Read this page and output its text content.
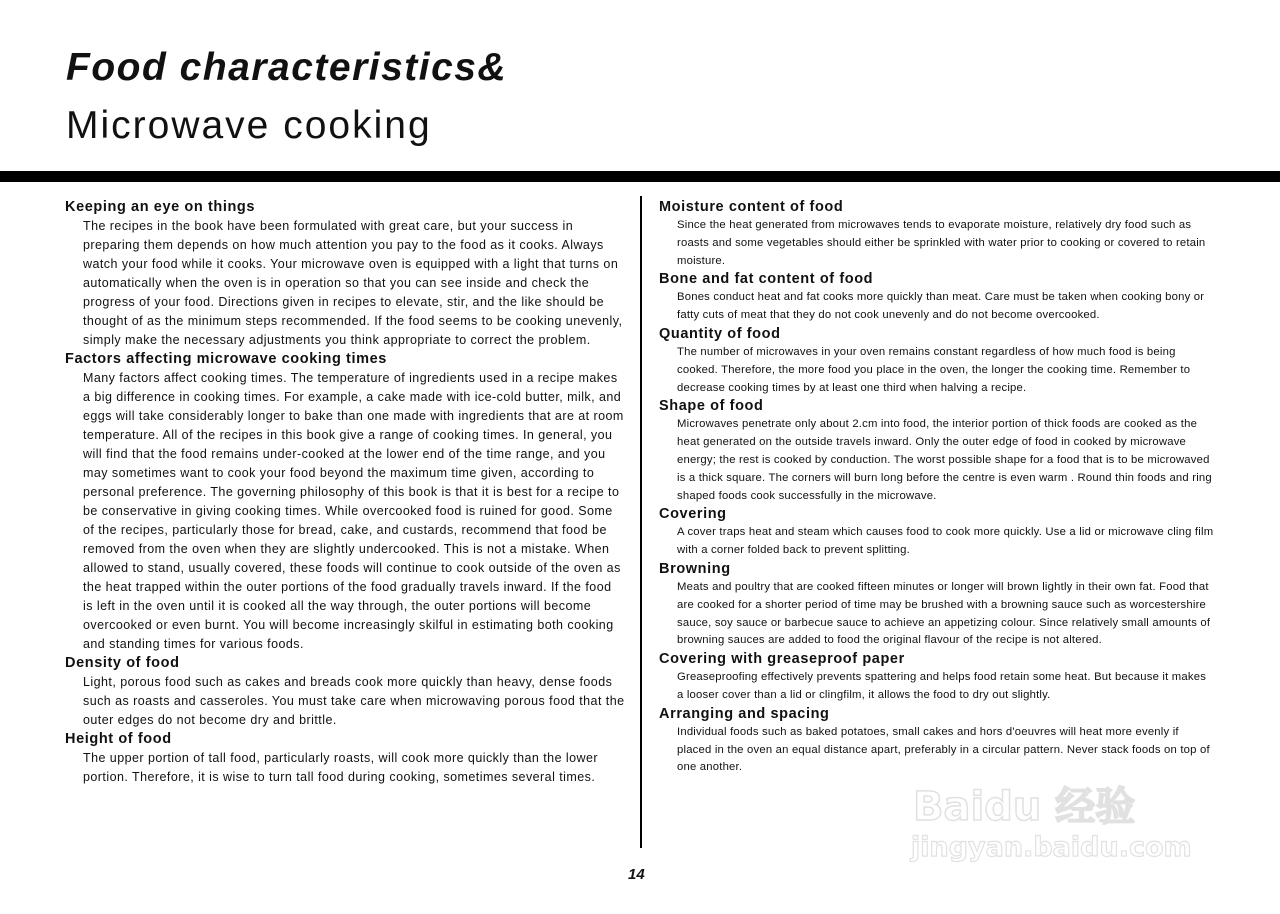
Food characteristics&
Microwave cooking
Keeping an eye on things

The recipes in the book have been formulated with great care, but your success in preparing them depends on how much attention you pay to the food as it cooks. Always watch your food while it cooks. Your microwave oven is equipped with a light that turns on automatically when the oven is in operation so that you can see inside and check the progress of your food. Directions given in recipes to elevate, stir, and the like should be thought of as the minimum steps recommended. If the food seems to be cooking unevenly, simply make the necessary adjustments you think appropriate to correct the problem.

Factors affecting microwave cooking times

Many factors affect cooking times. The temperature of ingredients used in a recipe makes a big difference in cooking times. For example, a cake made with ice-cold butter, milk, and eggs will take considerably longer to bake than one made with ingredients that are at room temperature. All of the recipes in this book give a range of cooking times. In general, you will find that the food remains under-cooked at the lower end of the time range, and you may sometimes want to cook your food beyond the maximum time given, according to personal preference. The governing philosophy of this book is that it is best for a recipe to be conservative in giving cooking times. While overcooked food is ruined for good. Some of the recipes, particularly those for bread, cake, and custards, recommend that food be removed from the oven when they are slightly undercooked. This is not a mistake. When allowed to stand, usually covered, these foods will continue to cook outside of the oven as the heat trapped within the outer portions of the food gradually travels inward. If the food is left in the oven until it is cooked all the way through, the outer portions will become overcooked or even burnt. You will become increasingly skilful in estimating both cooking and standing times for various foods.

Density of food

Light, porous food such as cakes and breads cook more quickly than heavy, dense foods such as roasts and casseroles. You must take care when microwaving porous food that the outer edges do not become dry and brittle.

Height of food

The upper portion of tall food, particularly roasts, will cook more quickly than the lower portion. Therefore, it is wise to turn tall food during cooking, sometimes several times.

Moisture content of food

Since the heat generated from microwaves tends to evaporate moisture, relatively dry food such as roasts and some vegetables should either be sprinkled with water prior to cooking or covered to retain moisture.

Bone and fat content of food

Bones conduct heat and fat cooks more quickly than meat. Care must be taken when cooking bony or fatty cuts of meat that they do not cook unevenly and do not become overcooked.

Quantity of food

The number of microwaves in your oven remains constant regardless of how much food is being cooked. Therefore, the more food you place in the oven, the longer the cooking time. Remember to decrease cooking times by at least one third when halving a recipe.

Shape of food

Microwaves penetrate only about 2.cm into food, the interior portion of thick foods are cooked as the heat generated on the outside travels inward. Only the outer edge of food in cooked by microwave energy; the rest is cooked by conduction. The worst possible shape for a food that is to be microwaved is a thick square. The corners will burn long before the centre is even warm . Round thin foods and ring shaped foods cook successfully in the microwave.

Covering

A cover traps heat and steam which causes food to cook more quickly. Use a lid or microwave cling film with a corner folded back to prevent splitting.

Browning

Meats and poultry that are cooked fifteen minutes or longer will brown lightly in their own fat. Food that are cooked for a shorter period of time may be brushed with a browning sauce such as worcestershire sauce, soy sauce or barbecue sauce to achieve an appetizing colour. Since relatively small amounts of browning sauces are added to food the original flavour of the recipe is not altered.

Covering with greaseproof paper

Greaseproofing effectively prevents spattering and helps food retain some heat. But because it makes a looser cover than a lid or clingfilm, it allows the food to dry out slightly.

Arranging and spacing

Individual foods such as baked potatoes, small cakes and hors d'oeuvres will heat more evenly if placed in the oven an equal distance apart, preferably in a circular pattern. Never stack foods on top of one another.

Baidu 经验
jingyan.baidu.com
14
